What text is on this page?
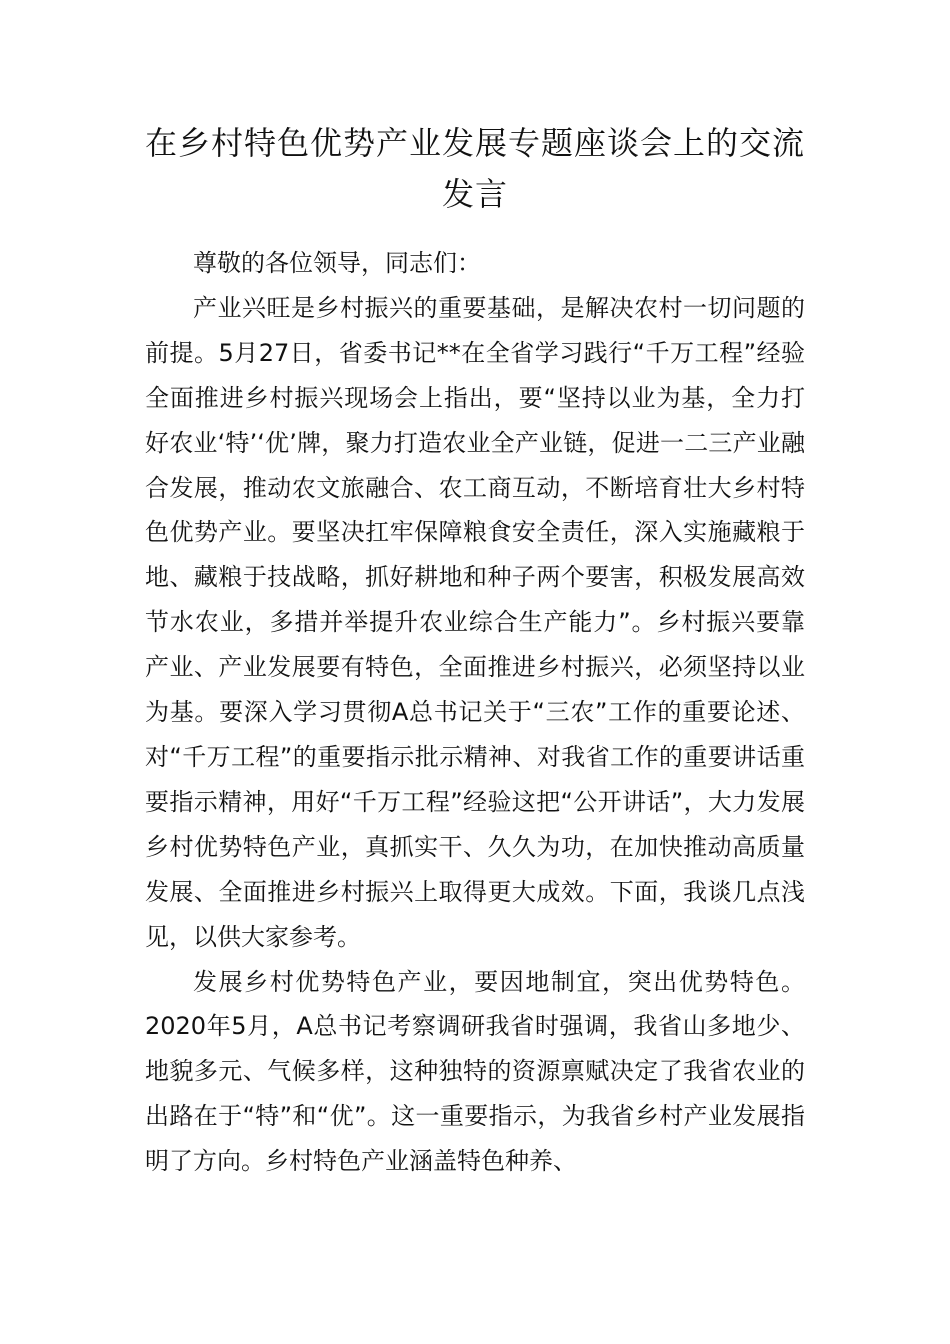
在乡村特色优势产业发展专题座谈会上的交流发言

尊敬的各位领导，同志们：

产业兴旺是乡村振兴的重要基础，是解决农村一切问题的前提。5月27日，省委书记**在全省学习践行“千万工程”经验全面推进乡村振兴现场会上指出，要“坚持以业为基，全力打好农业‘特’‘优’牌，聚力打造农业全产业链，促进一二三产业融合发展，推动农文旅融合、农工商互动，不断培育壮大乡村特色优势产业。要坚决扛牢保障粮食安全责任，深入实施藏粮于地、藏粮于技战略，抓好耕地和种子两个要害，积极发展高效节水农业，多措并举提升农业综合生产能力”。乡村振兴要靠产业、产业发展要有特色，全面推进乡村振兴，必须坚持以业为基。要深入学习贯彻A总书记关于“三农”工作的重要论述、对“千万工程”的重要指示批示精神、对我省工作的重要讲话重要指示精神，用好“千万工程”经验这把“公开讲话”，大力发展乡村优势特色产业，真抓实干、久久为功，在加快推动高质量发展、全面推进乡村振兴上取得更大成效。下面，我谈几点浅见，以供大家参考。

发展乡村优势特色产业，要因地制宜，突出优势特色。2020年5月，A总书记考察调研我省时强调，我省山多地少、地貌多元、气候多样，这种独特的资源禀赋决定了我省农业的出路在于“特”和“优”。这一重要指示，为我省乡村产业发展指明了方向。乡村特色产业涵盖特色种养、
